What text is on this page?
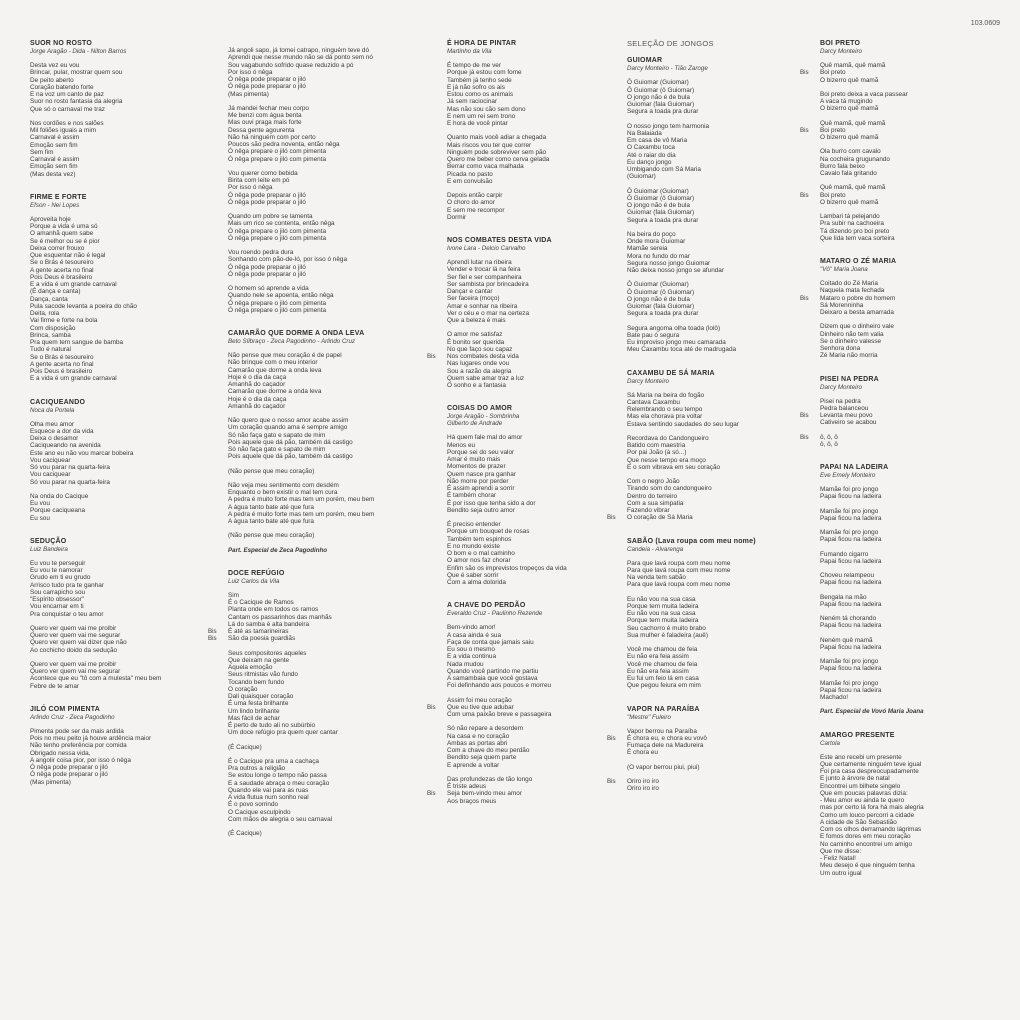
103.0609
SUOR NO ROSTO
Jorge Aragão - Dida - Nilton Barros
Desta vez eu vou
Brincar, pular, mostrar quem sou
De peito aberto
Coração batendo forte
E na voz um canto de paz
Suor no rosto fantasia da alegria
Que só o carnaval me traz
Nos cordões e nos salões
Mil foliões iguais a mim
Carnaval é assim
Emoção sem fim
Sem fim
Carnaval é assim
Emoção sem fim
(Mas desta vez)
FIRME E FORTE
Efson - Nei Lopes
Aproveita hoje
Porque a vida é uma só
O amanhã quem sabe
Se é melhor ou se é pior
Deixa correr frouxo
Que esquentar não é legal
Se o Brás é tesoureiro
A gente acerta no final
Pois Deus é brasileiro
E a vida é um grande carnaval
(É dança e canta)
Dança, canta
Pula sacode levanta a poeira do chão
Deita, rola
Vai firme e forte na bola
Com disposição
Brinca, samba
Pra quem tem sangue de bamba
Tudo é natural
Se o Brás é tesoureiro
A gente acerta no final
Pois Deus é brasileiro
E a vida é um grande carnaval
CACIQUEANDO
Noca da Portela
Olha meu amor
Esquece a dor da vida
Deixa o desamor
Caciqueando na avenida
Este ano eu não vou marcar bobeira
Vou caciquear
Só vou parar na quarta-feira
Vou caciquear
Só vou parar na quarta-feira
Na onda do Cacique
Eu vou
Porque caciqueana
Eu sou
SEDUÇÃO
Luiz Bandeira
Eu vou te perseguir
Eu vou te namorar
Grudo em ti eu grudo
Arrisco tudo pra te ganhar
Sou carrapicho sou
"Espírito obsessor"
Vou encarnar em ti
Pra conquistar o teu amor
Quero ver quem vai me proibir
Quero ver quem vai me segurar
Quero ver quem vai dizer que não
Ao cochicho doido da sedução
Quero ver quem vai me proibir
Quero ver quem vai me segurar
Acontece que eu "tô com a mulesta" meu bem
Febre de te amar
JILÓ COM PIMENTA
Arlindo Cruz - Zeca Pagodinho
Pimenta pode ser da mais ardida
Pois no meu peito já houve ardência maior
Não tenho preferência por comida
Obrigado nessa vida,
A angolir coisa pior, por isso ó nêga
Ó nêga pode preparar o jiló
Ó nêga pode preparar o jiló
(Mas pimenta)
Já angoli sapo, já tomei catrapo, ninguém teve dó
Aprendi que nesse mundo não se dá ponto sem nó
Sou vagabundo sofrido quase reduzido a pó
Por isso ó nêga
Ó nêga pode preparar o jiló
Ó nêga pode preparar o jiló
(Mas pimenta)
Já mandei fechar meu corpo
Me benzi com água benta
Mas ouvi praga mais forte
Dessa gente agourenta
Não há ninguém com por certo
Poucos são pedra noventa, então nêga
Ó nêga prepare o jiló com pimenta
Ó nêga prepare o jiló com pimenta
Vou querer como bebida
Birita com leite em pó
Por isso ó nêga
Ó nêga pode preparar o jiló
Ó nêga pode preparar o jiló
Quando um pobre se lamenta
Mais um rico se contenta, então nêga
Ó nêga prepare o jiló com pimenta
Ó nêga prepare o jiló com pimenta
Vou roendo pedra dura
Sonhando com pão-de-ló, por isso ó nêga
Ó nêga pode preparar o jiló
Ó nêga pode preparar o jiló
O homem só aprende a vida
Quando nele se apoenta, então nêga
Ó nêga prepare o jiló com pimenta
Ó nêga prepare o jiló com pimenta
CAMARÃO QUE DORME A ONDA LEVA
Beto Sílbraço - Zeca Pagodinho - Arlindo Cruz
Não pense que meu coração é de papel
Não brinque com o meu interior
Camarão que dorme a onda leva
Hoje é o dia da caça
Amanhã do caçador
Camarão que dorme a onda leva
Hoje é o dia da caça
Amanhã do caçador
Não quero que o nosso amor acabe assim
Um coração quando ama é sempre amigo
Só não faça gato e sapato de mim
Pois aquele que dá pão, também dá castigo
Só não faça gato e sapato de mim
Pois aquele que dá pão, também dá castigo
(Não pense que meu coração)
Não veja meu sentimento com desdém
Enquanto o bem existir o mal tem cura
A pedra é muito forte mas tem um porém, meu bem
A água tanto bate até que fura
A pedra é muito forte mas tem um porém, meu bem
A água tanto bate até que fura
(Não pense que meu coração)
Part. Especial de Zeca Pagodinho
DOCE REFÚGIO
Luiz Carlos da Vila
Sim
É o Cacique de Ramos
Planta onde em todos os ramos
Cantam os passarinhos das manhãs
Lá do samba é alta bandeira
É até as tamarineiras
Bis
São da poesia guardiãs
Bis
Seus compositores aqueles
Que deixam na gente
Aquela emoção
Seus ritmistas vão fundo
Tocando bem fundo
O coração
Dali quaisquer coração
É uma festa brilhante
Um lindo brilhante
Mas fácil de achar
É perto de tudo ali no subúrbio
Um doce refúgio pra quem quer cantar
(É Cacique)
É o Cacique pra uma a cachaça
Pra outros a religião
Se estou longe o tempo não passa
E a saudade abraça o meu coração
Quando ele vai para as ruas
A vida flutua num sonho real
É o povo sorrindo
O Cacique esculpindo
Com mãos de alegria o seu carnaval
(É Cacique)
É HORA DE PINTAR
Martinho da Vila
É tempo de me ver
Porque já estou com fome
Também já tenho sede
E já não sofro os ais
Estou como os animais
Já sem raciocinar
Mas não sou cão sem dono
E nem um rei sem trono
E hora de você pintar
Quanto mais você adiar a chegada
Mais riscos vou ter que correr
Ninguém pode sobreviver sem pão
Quero me beber como cerva gelada
Berrar como vaca malhada
Picada no pasto
E em convulsão
Depois então carpir
O choro do amor
E sem me recompor
Dormir
NOS COMBATES DESTA VIDA
Ivone Lara - Delcio Carvalho
Aprendi lutar na ribeira
Vender e trocar lá na feira
Ser fiel e ser companheira
Ser sambista por brincadeira
Dançar e cantar
Ser faceira (moço)
Amar e sonhar na ribeira
Ver o céu e o mar na certeza
Que a beleza é mais
O amor me satisfaz
É bonito ser querida
No que faço sou capaz
Nos combates desta vida
Bis
Nas lugares onde vou
Sou a razão da alegria
Quem sabe amar traz a luz
O sonho e a fantasia
COISAS DO AMOR
Jorge Aragão - Sombrinha
Gilberto de Andrade
Há quem fale mal do amor
Menos eu
Porque sei do seu valor
Amar é muito mais
Momentos de prazer
Quem nasce pra ganhar
Não morre por perder
É assim aprendi a sorrir
É também chorar
É por isso que tenha sido a dor
Bendito seja outro amor
É preciso entender
Porque um bouquet de rosas
Também tem espinhos
E no mundo existe
O bom e o mal caminho
O amor nos faz chorar
Enfim são os imprevistos tropeços da vida
Que é saber sorrir
Com a alma dolorida
A CHAVE DO PERDÃO
Everaldo Cruz - Paulinho Rezende
Bem-vindo amor!
A casa ainda é sua
Faça de conta que jamais saiu
Eu sou o mesmo
E a vida continua
Nada mudou
Quando você partindo me partiu
A samambaia que você gostava
Foi definhando aos poucos e morreu
Assim foi meu coração
Que eu tive que adubar
Bis
Com uma paixão breve e passageira
Só não repare a desordem
Na casa e no coração
Ambas as portas abri
Com a chave do meu perdão
Bendito seja quem parte
E aprende a voltar
Das profundezas de tão longo
É triste adeus
Seja bem-vindo meu amor
Bis
Aos braços meus
SELEÇÃO DE JONGOS
GUIOMAR
Darcy Monteiro - Tião Zaroge
Ô Guiomar (Guiomar)
Ô Guiomar (ô Guiomar)
O jongo não é de bula
Guiomar (fala Guiomar)
Segura a toada pra durar
O nosso jongo tem harmonia
Na Balaiada
Em casa de vô Maria
O Caxambu toca
Até o raiar do dia
Eu danço jongo
Umbigando com Sá Maria
(Guiomar)
Ô Guiomar (Guiomar)
Ô Guiomar (ô Guiomar)
O jongo não é de bula
Guiomar (fala Guiomar)
Segura a toada pra durar
Na beira do poço
Onde mora Guiomar
Mamãe sereia
Mora no fundo do mar
Segura nosso jongo Guiomar
Não deixa nosso jongo se afundar
Ô Guiomar (Guiomar)
Ô Guiomar (ô Guiomar)
O jongo não é de bula
Guiomar (fala Guiomar)
Segura a toada pra durar
Segura angoma olha toada (lolô)
Bate pau ó segura
Eu improviso jongo meu camarada
Meu Caxambu toca até de madrugada
CAXAMBU DE SÁ MARIA
Darcy Monteiro
Sá Maria na beira do fogão
Cantava Caxambu
Relembrando o seu tempo
Mas ela chorava pra voltar
Estava sentindo saudades do seu lugar
Recordava do Candongueiro
Batido com maestria
Por pai João (à só...)
Que nesse tempo era moço
E o som vibrava em seu coração
Com o negro João
Tirando som do candongueiro
Dentro do terreiro
Com a sua simpatia
Fazendo vibrar
O coração de Sá Maria
Bis
SABÃO (Lava roupa com meu nome)
Candeia - Alvarenga
Para que lavá roupa com meu nome
Para que lavá roupa com meu nome
Na venda tem sabão
Para que lavá roupa com meu nome
Eu não vou na sua casa
Porque tem muita ladeira
Eu não vou na sua casa
Porque tem muita ladeira
Seu cachorro é muito brabo
Sua mulher é faladeira (auê)
Você me chamou de feia
Eu não era feia assim
Você me chamou de feia
Eu não era feia assim
Eu fui um feio lá em casa
Que pegou feiura em mim
VAPOR NA PARAÍBA
"Mestre" Fuleiro
Vapor berrou na Paraíba
É chora eu, e chora eu vovô
Bis
Fumaça dele na Madureira
É chora eu
(O vapor berrou piui, piui)
Oriro iro iro
Bis
Oriro iro iro
BOI PRETO
Darcy Monteiro
Quê mamã, quê mamã
Boi preto
Bis
O bizerro quê mamã
Boi preto deixa a vaca passear
A vaca tá mugindo
O bizerro quê mamã
Quê mamã, quê mamã
Boi preto
Bis
O bizerro quê mamã
Ola burro com cavalo
Na cocheira grugunando
Burro fala beixo
Cavalo fala gritando
Quê mamã, quê mamã
Boi preto
Bis
O bizerro quê mamã
Lambari tá pelejando
Pra subir na cachoeira
Tá dizendo pro boi preto
Que lida tem vaca sorteira
MATARO O ZÉ MARIA
"Vô" Maria Joana
Coitado do Zé Maria
Naquela mata fechada
Mataro o pobre do homem
Bis
Sá Morenninha
Deixaro a besta amarrada
Dizem que o dinheiro vale
Dinheiro não tem valia
Se o dinheiro valesse
Senhora dona
Zé Maria não morria
PISEI NA PEDRA
Darcy Monteiro
Pisei na pedra
Pedra balanceou
Levanta meu povo
Bis
Cativeiro se acabou
ô, ô, ô
Bis
ô, ô, ô
PAPAI NA LADEIRA
Eve Emely Monteiro
Mamãe foi pro jongo
Papai ficou na ladeira
Mamãe foi pro jongo
Papai ficou na ladeira
Mamãe foi pro jongo
Papai ficou na ladeira
Fumando cigarro
Papai ficou na ladeira
Choveu relampeou
Papai ficou na ladeira
Bengala na mão
Papai ficou na ladeira
Neném tá chorando
Papai ficou na ladeira
Neném quê mamã
Papai ficou na ladeira
Mamãe foi pro jongo
Papai ficou na ladeira
Mamãe foi pro jongo
Papai ficou na ladeira
Machado!
Part. Especial de Vovó Maria Joana
AMARGO PRESENTE
Cartola
Este ano recebi um presente
Que certamente ninguém teve igual
Foi pra casa despreocupadamente
E junto à árvore de natal
Encontrei um bilhete singelo
Que em poucas palavras dizia:
- Meu amor eu ainda te quero
mas por certo lá fora há mais alegria
Como um louco percorri a cidade
A cidade de São Sebastião
Com os olhos derramando lágrimas
E fomos dores em meu coração
No caminho encontrei um amigo
Que me disse:
- Feliz Natal!
Meu desejo é que ninguém tenha
Um outro igual
